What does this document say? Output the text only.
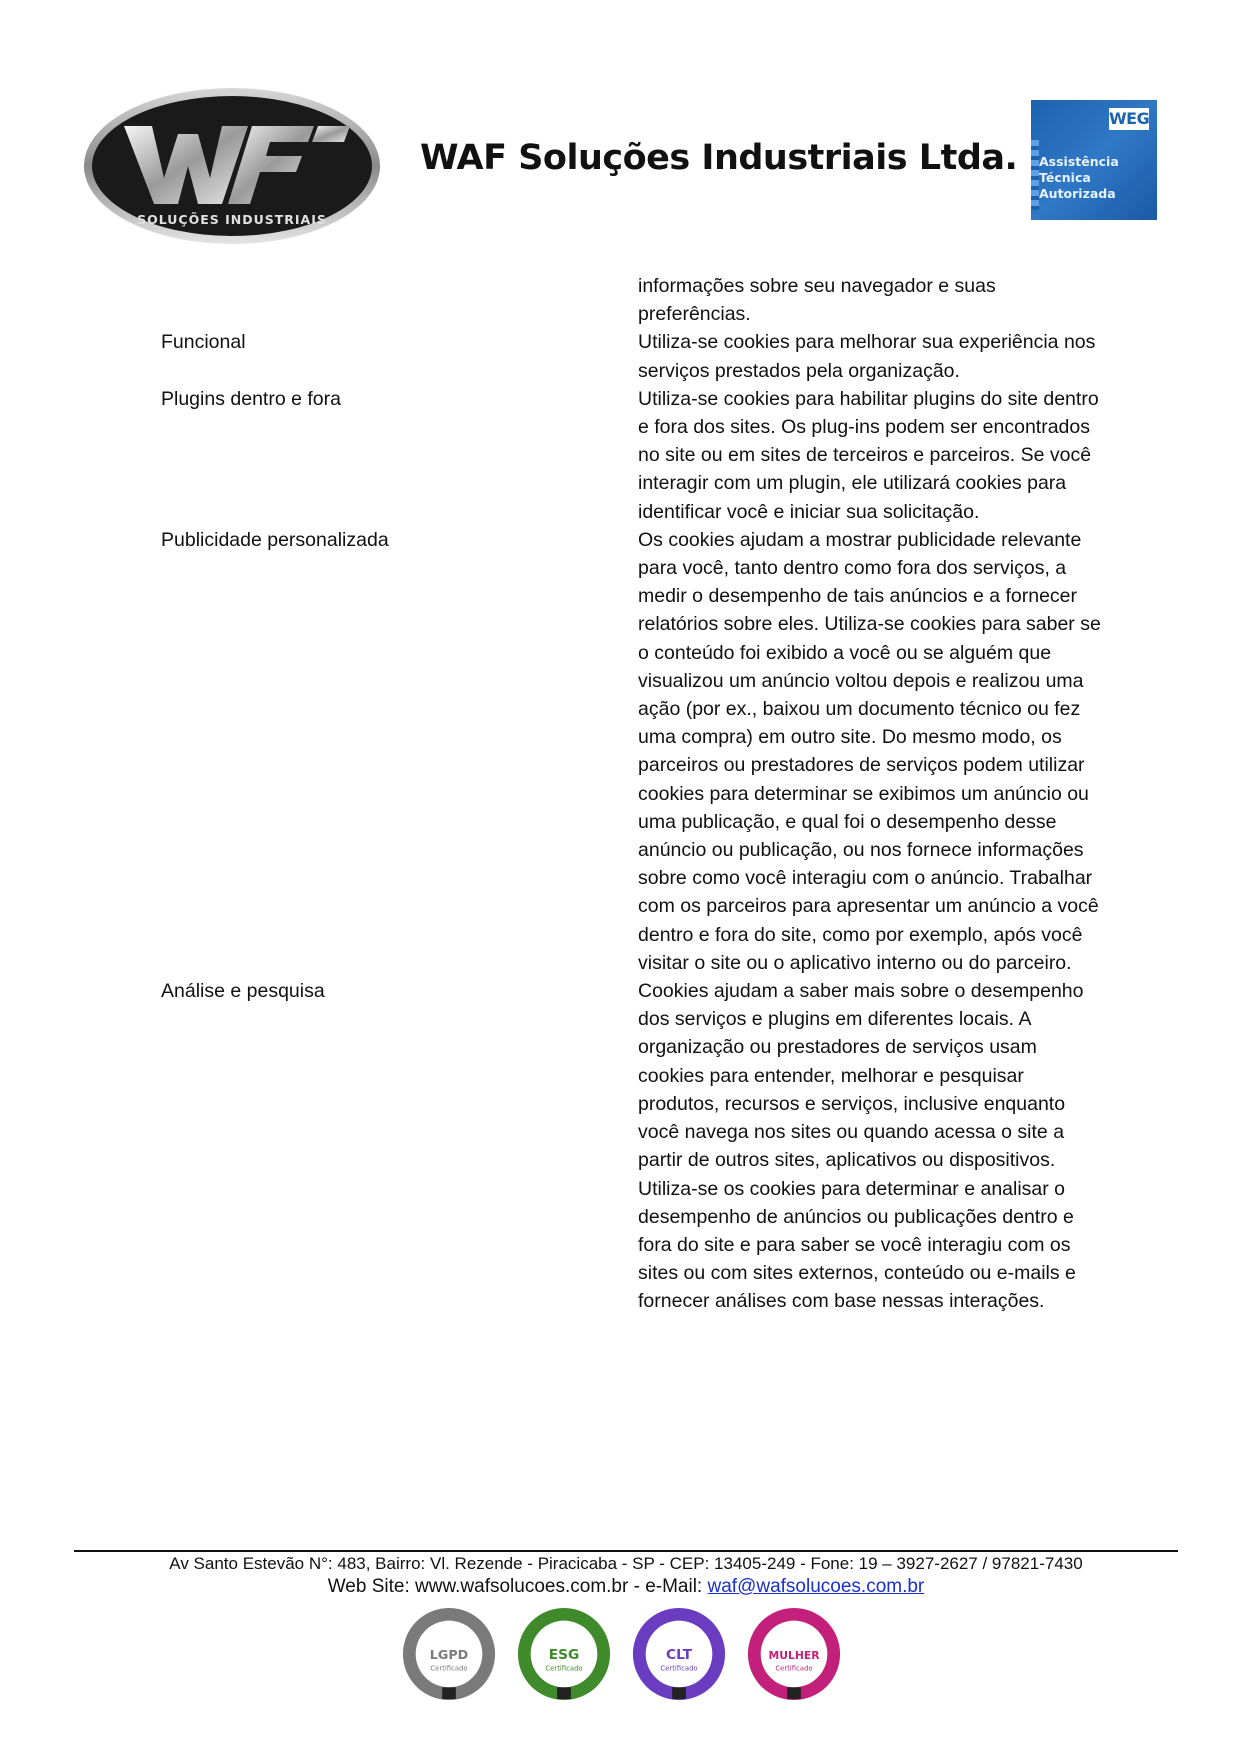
SOLUÇÕES INDUSTRIAIS
WAF Soluções Industriais Ltda.
WEG
Assistência
Técnica
Autorizada
informações sobre seu navegador e suas preferências.
Funcional	Utiliza-se cookies para melhorar sua experiência nos serviços prestados pela organização.
Plugins dentro e fora	Utiliza-se cookies para habilitar plugins do site dentro e fora dos sites. Os plug-ins podem ser encontrados no site ou em sites de terceiros e parceiros. Se você interagir com um plugin, ele utilizará cookies para identificar você e iniciar sua solicitação.
Publicidade personalizada	Os cookies ajudam a mostrar publicidade relevante para você, tanto dentro como fora dos serviços, a medir o desempenho de tais anúncios e a fornecer relatórios sobre eles. Utiliza-se cookies para saber se o conteúdo foi exibido a você ou se alguém que visualizou um anúncio voltou depois e realizou uma ação (por ex., baixou um documento técnico ou fez uma compra) em outro site. Do mesmo modo, os parceiros ou prestadores de serviços podem utilizar cookies para determinar se exibimos um anúncio ou uma publicação, e qual foi o desempenho desse anúncio ou publicação, ou nos fornece informações sobre como você interagiu com o anúncio. Trabalhar com os parceiros para apresentar um anúncio a você dentro e fora do site, como por exemplo, após você visitar o site ou o aplicativo interno ou do parceiro.
Análise e pesquisa	Cookies ajudam a saber mais sobre o desempenho dos serviços e plugins em diferentes locais. A organização ou prestadores de serviços usam cookies para entender, melhorar e pesquisar produtos, recursos e serviços, inclusive enquanto você navega nos sites ou quando acessa o site a partir de outros sites, aplicativos ou dispositivos. Utiliza-se os cookies para determinar e analisar o desempenho de anúncios ou publicações dentro e fora do site e para saber se você interagiu com os sites ou com sites externos, conteúdo ou e-mails e fornecer análises com base nessas interações.
Av Santo Estevão N°: 483, Bairro: Vl. Rezende - Piracicaba - SP - CEP: 13405-249 - Fone: 19 – 3927-2627 / 97821-7430
Web Site: www.wafsolucoes.com.br - e-Mail: waf@wafsolucoes.com.br
LGPD
Certificado
ESG
Certificado
CLT
Certificado
MULHER
Certificado
